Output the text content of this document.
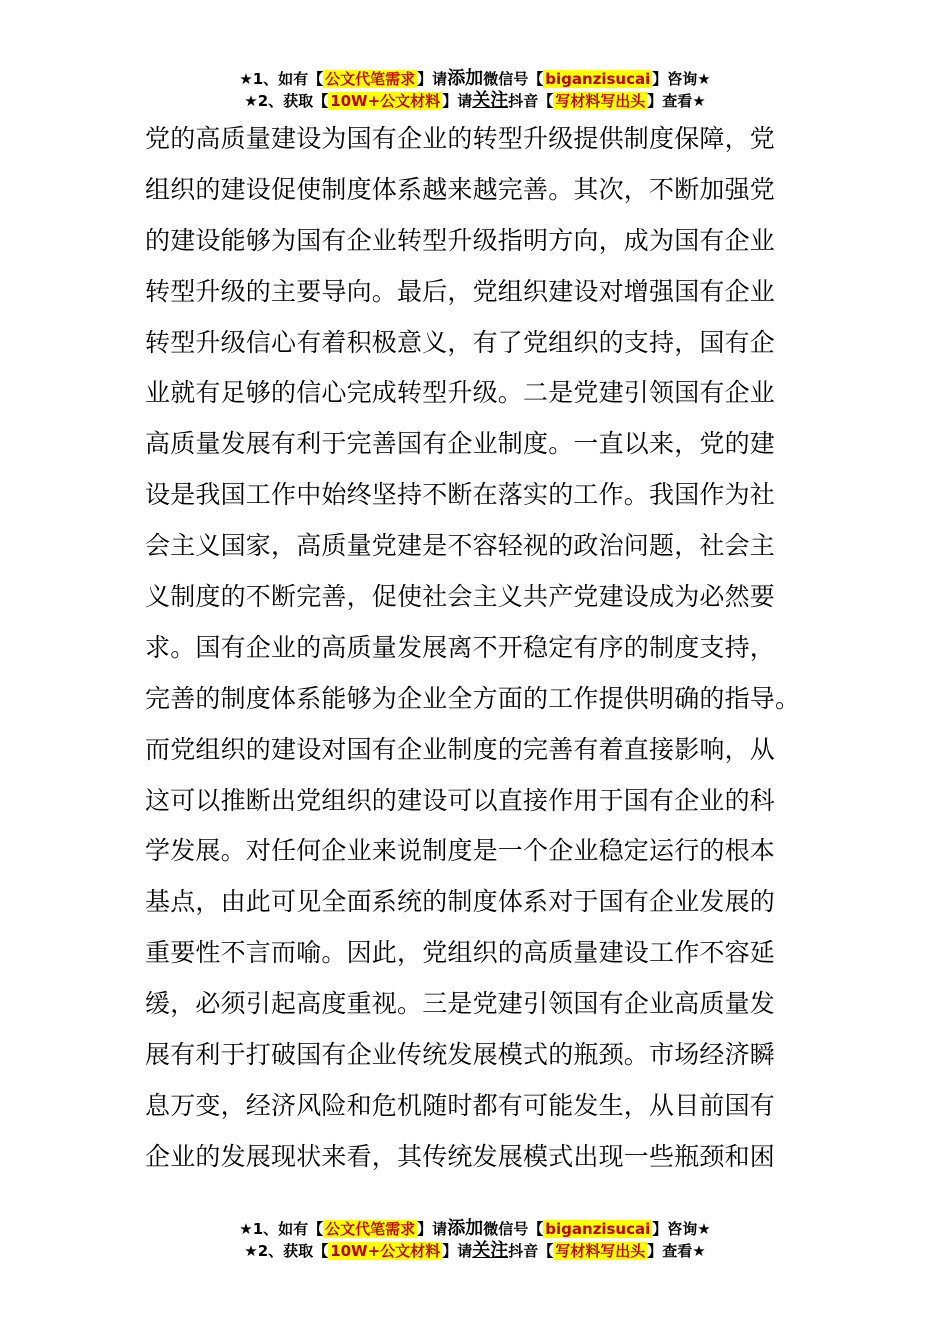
★1、如有【 公文代笔需求 】请添加微信号【 biganzisucai 】咨询★
★2、获取【 10W+公文材料 】请关注抖音【 写材料写出头 】查看★
党的高质量建设为国有企业的转型升级提供制度保障，党
组织的建设促使制度体系越来越完善。其次，不断加强党
的建设能够为国有企业转型升级指明方向，成为国有企业
转型升级的主要导向。最后，党组织建设对增强国有企业
转型升级信心有着积极意义，有了党组织的支持，国有企
业就有足够的信心完成转型升级。二是党建引领国有企业
高质量发展有利于完善国有企业制度。一直以来，党的建
设是我国工作中始终坚持不断在落实的工作。我国作为社
会主义国家，高质量党建是不容轻视的政治问题，社会主
义制度的不断完善，促使社会主义共产党建设成为必然要
求。国有企业的高质量发展离不开稳定有序的制度支持，
完善的制度体系能够为企业全方面的工作提供明确的指导。
而党组织的建设对国有企业制度的完善有着直接影响，从
这可以推断出党组织的建设可以直接作用于国有企业的科
学发展。对任何企业来说制度是一个企业稳定运行的根本
基点，由此可见全面系统的制度体系对于国有企业发展的
重要性不言而喻。因此，党组织的高质量建设工作不容延
缓，必须引起高度重视。三是党建引领国有企业高质量发
展有利于打破国有企业传统发展模式的瓶颈。市场经济瞬
息万变，经济风险和危机随时都有可能发生，从目前国有
企业的发展现状来看，其传统发展模式出现一些瓶颈和困
★1、如有【 公文代笔需求 】请添加微信号【 biganzisucai 】咨询★
★2、获取【 10W+公文材料 】请关注抖音【 写材料写出头 】查看★
